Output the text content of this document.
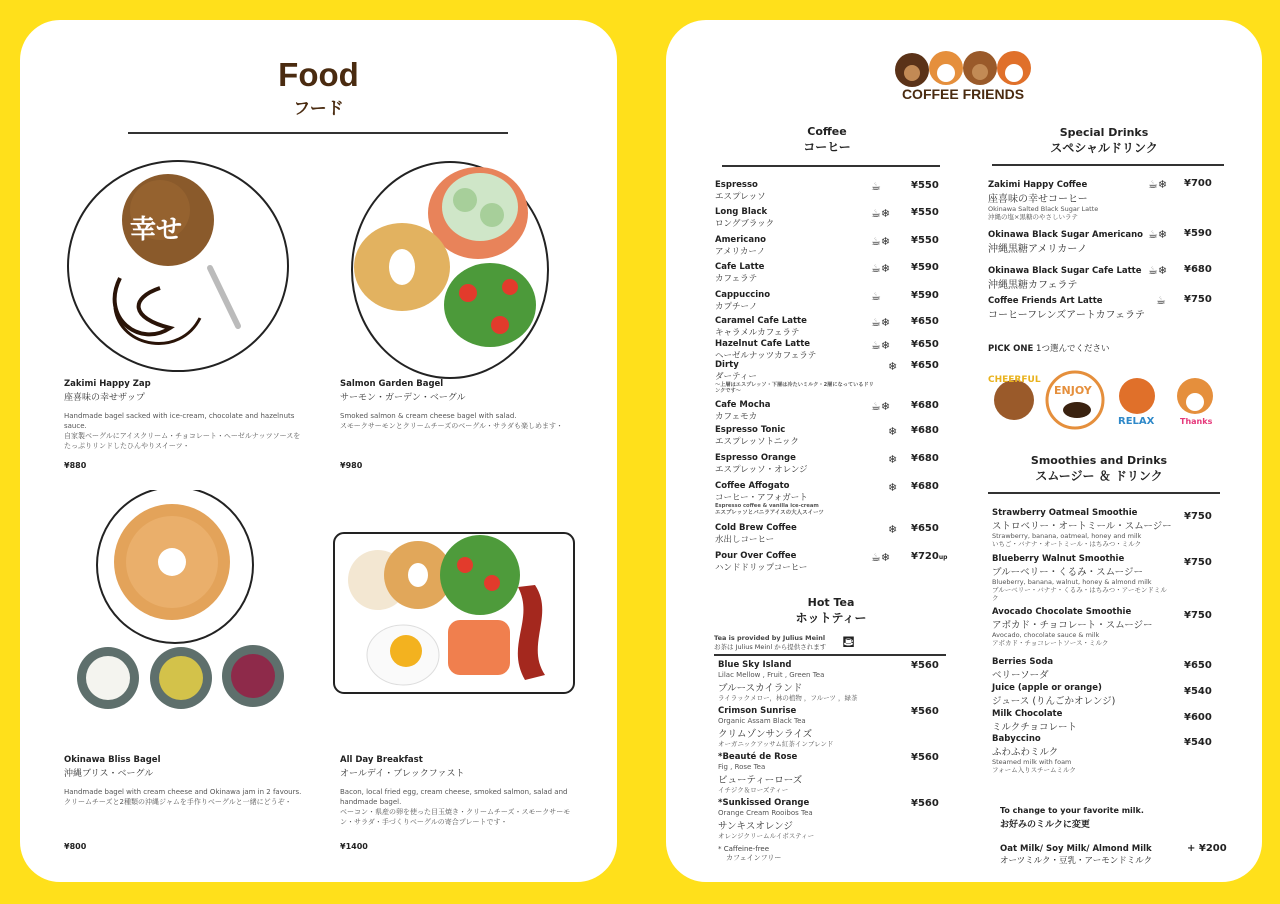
Food
フード
幸せ
Zakimi Happy Zap
座喜味の幸せザップ
Handmade bagel sacked with ice-cream, chocolate and hazelnuts sauce.
自家製ベーグルにアイスクリーム・チョコレート・ヘーゼルナッツソースをたっぷりリンドしたひんやりスイーツ・
¥880
Salmon Garden Bagel
サーモン・ガーデン・ベーグル
Smoked salmon & cream cheese bagel with salad.
スモークサーモンとクリームチーズのベーグル・サラダも楽しめます・
¥980
Okinawa Bliss Bagel
沖縄ブリス・ベーグル
Handmade bagel with cream cheese and Okinawa jam in 2 favours.
クリームチーズと2種類の沖縄ジャムを手作りベーグルと一緒にどうぞ・
¥800
All Day Breakfast
オールデイ・ブレックファスト
Bacon, local fried egg, cream cheese, smoked salmon, salad and handmade bagel.
ベーコン・県産の卵を使った目玉焼き・クリームチーズ・スモークサーモン・サラダ・手づくりベーグルの寄合プレートです・
¥1400
COFFEE FRIENDS
Coffee
コーヒー
Special Drinks
スペシャルドリンク
PICK ONE 1つ選んでください
CHEERFUL
ENJOY
RELAX	Thanks
Hot Tea
ホットティー
Tea is provided by Julius Meinl
お茶は Julius Meinl から提供されます ⛾
* Caffeine-free
カフェインフリー
Smoothies and Drinks
スムージー ＆ ドリンク
To change to your favorite milk.
お好みのミルクに変更
Oat Milk/ Soy Milk/ Almond Milk
オーツミルク・豆乳・アーモンドミルク
+ ¥200
Espresso
エスプレッソ
☕	¥550
Long Black
ロングブラック
☕❄ ¥550
Americano
アメリカーノ
☕❄ ¥550
Cafe Latte
カフェラテ
☕❄ ¥590
Cappuccino
カプチーノ
☕	¥590
Caramel Cafe Latte
キャラメルカフェラテ
☕❄ ¥650
Hazelnut Cafe Latte
ヘーゼルナッツカフェラテ
☕❄ ¥650
Dirty
ダーティー
〜上層はエスプレッソ・下層は冷たいミルク・2層になっているドリンクです〜
❄ ¥650
Cafe Mocha
カフェモカ
☕❄ ¥680
Espresso Tonic
エスプレッソトニック
❄ ¥680
Espresso Orange
エスプレッソ・オレンジ
❄ ¥680
Coffee Affogato
コーヒー・アフォガート
Espresso coffee & vanilla ice-cream
エスプレッソとバニラアイスの大人スイーツ
❄ ¥680
Cold Brew Coffee
水出しコーヒー
❄ ¥650
Pour Over Coffee
ハンドドリップコーヒー
☕❄ ¥720up
Zakimi Happy Coffee
座喜味の幸せコーヒー
Okinawa Salted Black Sugar Latte
沖縄の塩×黒糖のやさしいラテ
☕❄ ¥700
Okinawa Black Sugar Americano
沖縄黒糖アメリカーノ
☕❄ ¥590
Okinawa Black Sugar Cafe Latte
沖縄黒糖カフェラテ
☕❄ ¥680
Coffee Friends Art Latte
コーヒーフレンズアートカフェラテ
☕ ¥750
Blue Sky Island
Lilac Mellow , Fruit , Green Tea
ブルースカイランド
ライラックメロー，林の植物 ，フルーツ ，緑茶
¥560
Crimson Sunrise
Organic Assam Black Tea
クリムゾンサンライズ
オーガニックアッサム紅茶インブレンド
¥560
*Beauté de Rose
Fig , Rose Tea
ビューティーローズ
イチジク＆ローズティー
¥560
*Sunkissed Orange
Orange Cream Rooibos Tea
サンキスオレンジ
オレンジクリームルイボスティー
¥560
Strawberry Oatmeal Smoothie
ストロベリー・オートミール・スムージー
Strawberry, banana, oatmeal, honey and milk
いちご・バナナ・オートミール・はちみつ・ミルク
¥750
Blueberry Walnut Smoothie
ブルーベリー・くるみ・スムージー
Blueberry, banana, walnut, honey & almond milk
ブルーベリー・バナナ・くるみ・はちみつ・アーモンドミルク
¥750
Avocado Chocolate Smoothie
アボカド・チョコレート・スムージー
Avocado, chocolate sauce & milk
アボカド・チョコレートソース・ミルク
¥750
Berries Soda
ベリーソーダ
¥650
Juice (apple or orange)
ジュース (りんごかオレンジ)
¥540
Milk Chocolate
ミルクチョコレート
¥600
Babyccino
ふわふわミルク
Steamed milk with foam
フォーム入りスチームミルク
¥540
